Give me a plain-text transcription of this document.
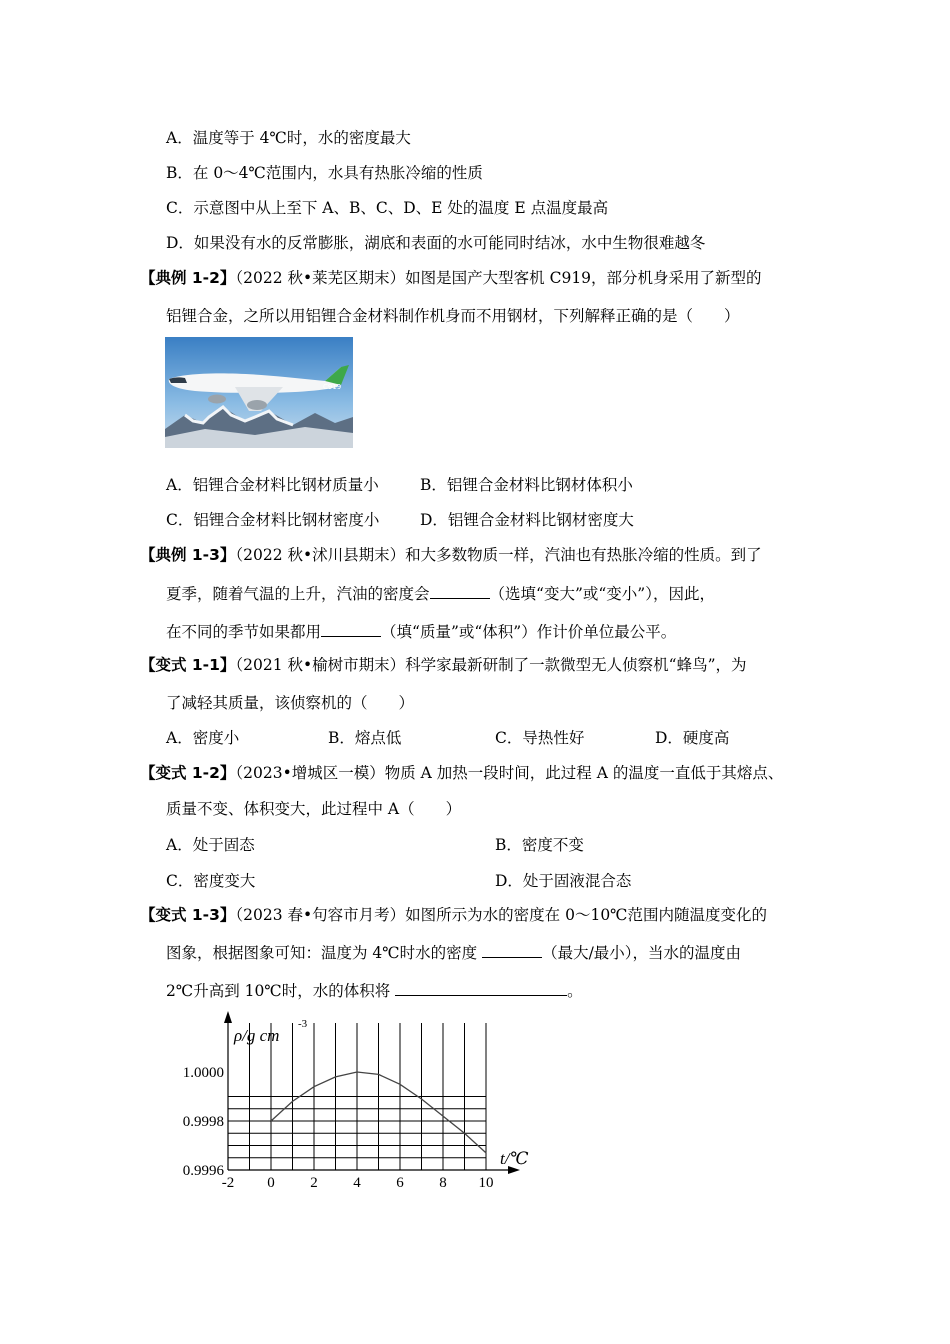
A．温度等于 4℃时，水的密度最大
B．在 0～4℃范围内，水具有热胀冷缩的性质
C．示意图中从上至下 A、B、C、D、E 处的温度 E 点温度最高
D．如果没有水的反常膨胀，湖底和表面的水可能同时结冰，水中生物很难越冬
【典例 1-2】（2022 秋•莱芜区期末）如图是国产大型客机 C919，部分机身采用了新型的
铝锂合金，之所以用铝锂合金材料制作机身而不用钢材，下列解释正确的是（　　）
C919
A．铝锂合金材料比钢材质量小	B．铝锂合金材料比钢材体积小
C．铝锂合金材料比钢材密度小	D．铝锂合金材料比钢材密度大
【典例 1-3】（2022 秋•沭川县期末）和大多数物质一样，汽油也有热胀冷缩的性质。到了
夏季，随着气温的上升，汽油的密度会	（选填“变大”或“变小”），因此，
在不同的季节如果都用	（填“质量”或“体积”）作计价单位最公平。
【变式 1-1】（2021 秋•榆树市期末）科学家最新研制了一款微型无人侦察机“蜂鸟”，为
了减轻其质量，该侦察机的（　　）
A．密度小	B．熔点低	C．导热性好	D．硬度高
【变式 1-2】（2023•增城区一模）物质 A 加热一段时间，此过程 A 的温度一直低于其熔点、
质量不变、体积变大，此过程中 A（　　）
A．处于固态	B．密度不变
C．密度变大	D．处于固液混合态
【变式 1-3】（2023 春•句容市月考）如图所示为水的密度在 0～10℃范围内随温度变化的
图象，根据图象可知：温度为 4℃时水的密度	（最大/最小），当水的温度由
2℃升高到 10℃时，水的体积将	。
-2 0 2 4 6 8 10
0.9996
0.9998
1.0000
ρ/g cm
-3
t/℃
